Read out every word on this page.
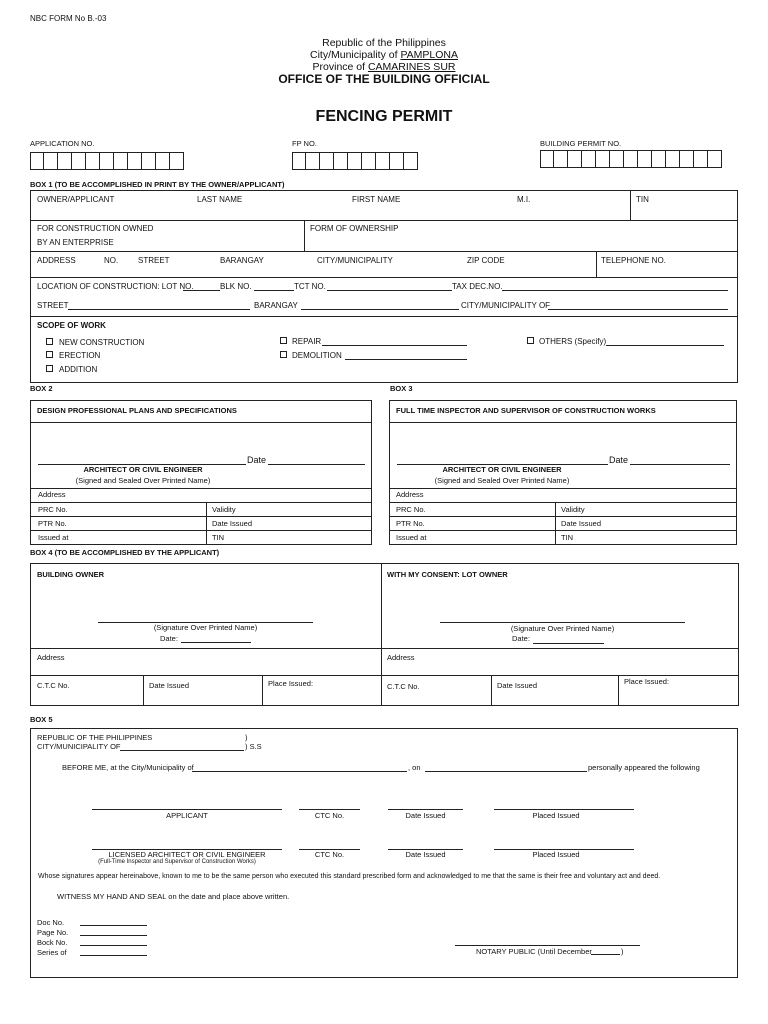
NBC FORM No B.-03
Republic of the Philippines
City/Municipality of PAMPLONA
Province of CAMARINES SUR
OFFICE OF THE BUILDING OFFICIAL
FENCING PERMIT
APPLICATION NO.	FP NO.	BUILDING PERMIT NO.
BOX 1 (TO BE ACCOMPLISHED IN PRINT BY THE OWNER/APPLICANT)
OWNER/APPLICANT	LAST NAME	FIRST NAME	M.I.	TIN
FOR CONSTRUCTION OWNED
BY AN ENTERPRISE
FORM OF OWNERSHIP
ADDRESS	NO. STREET	BARANGAY	CITY/MUNICIPALITY	ZIP CODE	TELEPHONE NO.
LOCATION OF CONSTRUCTION: LOT NO.	BLK NO.	TCT NO.	TAX DEC.NO.
STREET	BARANGAY	CITY/MUNICIPALITY OF
SCOPE OF WORK
NEW CONSTRUCTION
ERECTION
ADDITION
REPAIR
DEMOLITION
OTHERS (Specify)
BOX 2
DESIGN PROFESSIONAL PLANS AND SPECIFICATIONS
Date
ARCHITECT OR CIVIL ENGINEER
(Signed and Sealed Over Printed Name)
Address
PRC No.	Validity
PTR No.	Date Issued
Issued at	TIN
BOX 3
FULL TIME INSPECTOR AND SUPERVISOR OF CONSTRUCTION WORKS
Date
ARCHITECT OR CIVIL ENGINEER
(Signed and Sealed Over Printed Name)
Address
PRC No.	Validity
PTR No.	Date Issued
Issued at	TIN
BOX 4 (TO BE ACCOMPLISHED BY THE APPLICANT)
BUILDING OWNER
(Signature Over Printed Name)
Date:
Address
C.T.C No.	Date Issued	Place Issued:
WITH MY CONSENT: LOT OWNER
(Signature Over Printed Name)
Date:
Address
C.T.C No.	Date Issued	Place Issued:
BOX 5
REPUBLIC OF THE PHILIPPINES	)
CITY/MUNICIPALITY OF	) S.S
BEFORE ME, at the City/Municipality of	, on	personally appeared the following
APPLICANT	CTC No.	Date Issued	Placed Issued
LICENSED ARCHITECT OR CIVIL ENGINEER
(Full-Time Inspector and Supervisor of Construction Works)
CTC No.	Date Issued	Placed Issued
Whose signatures appear hereinabove, known to me to be the same person who executed this standard prescribed form and acknowledged to me that the same is their free and voluntary act and deed.
WITNESS MY HAND AND SEAL on the date and place above written.
Doc No.
Page No.
Bock No.
Series of	NOTARY PUBLIC (Until December	)
